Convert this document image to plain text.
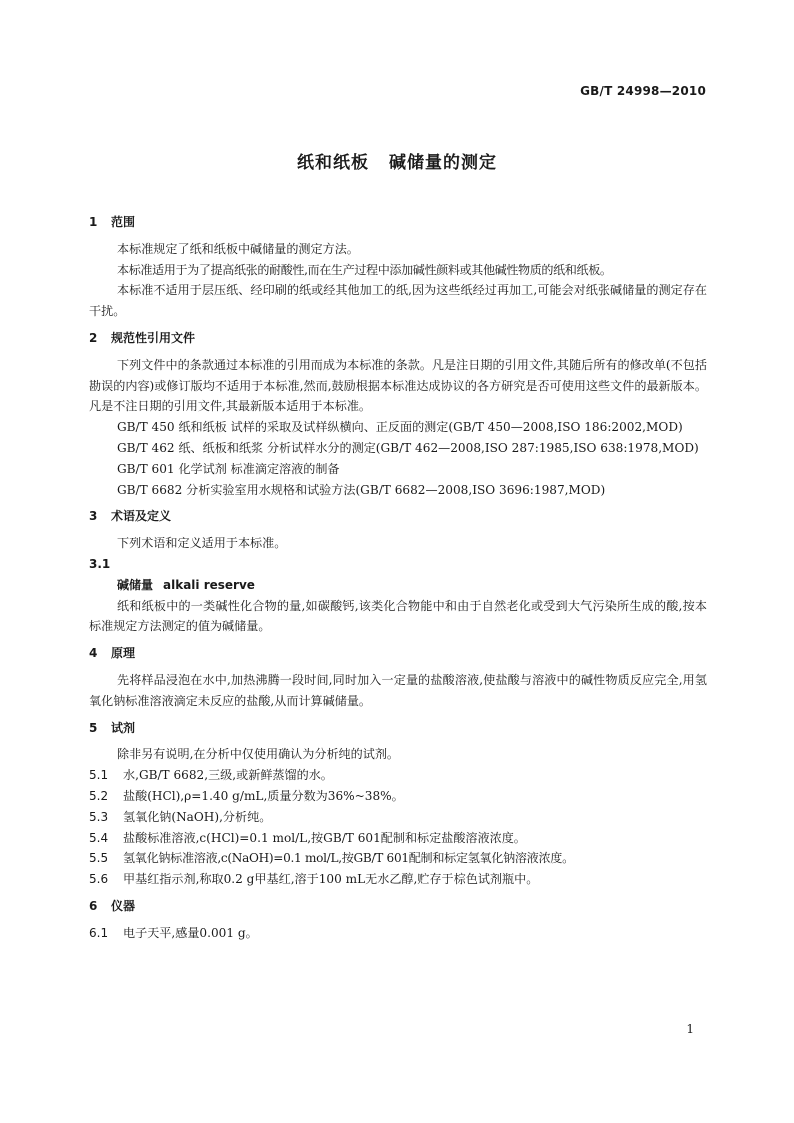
GB/T 24998—2010
纸和纸板 碱储量的测定
1 范围

本标准规定了纸和纸板中碱储量的测定方法。

本标准适用于为了提高纸张的耐酸性,而在生产过程中添加碱性颜料或其他碱性物质的纸和纸板。

本标准不适用于层压纸、经印刷的纸或经其他加工的纸,因为这些纸经过再加工,可能会对纸张碱储量的测定存在干扰。

2 规范性引用文件

下列文件中的条款通过本标准的引用而成为本标准的条款。凡是注日期的引用文件,其随后所有的修改单(不包括勘误的内容)或修订版均不适用于本标准,然而,鼓励根据本标准达成协议的各方研究是否可使用这些文件的最新版本。凡是不注日期的引用文件,其最新版本适用于本标准。

GB/T 450 纸和纸板 试样的采取及试样纵横向、正反面的测定(GB/T 450—2008,ISO 186:2002,MOD)

GB/T 462 纸、纸板和纸浆 分析试样水分的测定(GB/T 462—2008,ISO 287:1985,ISO 638:1978,MOD)

GB/T 601 化学试剂 标准滴定溶液的制备

GB/T 6682 分析实验室用水规格和试验方法(GB/T 6682—2008,ISO 3696:1987,MOD)

3 术语及定义

下列术语和定义适用于本标准。

3.1

碱储量 alkali reserve

纸和纸板中的一类碱性化合物的量,如碳酸钙,该类化合物能中和由于自然老化或受到大气污染所生成的酸,按本标准规定方法测定的值为碱储量。

4 原理

先将样品浸泡在水中,加热沸腾一段时间,同时加入一定量的盐酸溶液,使盐酸与溶液中的碱性物质反应完全,用氢氧化钠标准溶液滴定未反应的盐酸,从而计算碱储量。

5 试剂

除非另有说明,在分析中仅使用确认为分析纯的试剂。

5.1 水,GB/T 6682,三级,或新鲜蒸馏的水。

5.2 盐酸(HCl),ρ=1.40 g/mL,质量分数为36%~38%。

5.3 氢氧化钠(NaOH),分析纯。

5.4 盐酸标准溶液,c(HCl)=0.1 mol/L,按GB/T 601配制和标定盐酸溶液浓度。

5.5 氢氧化钠标准溶液,c(NaOH)=0.1 mol/L,按GB/T 601配制和标定氢氧化钠溶液浓度。

5.6 甲基红指示剂,称取0.2 g甲基红,溶于100 mL无水乙醇,贮存于棕色试剂瓶中。

6 仪器

6.1 电子天平,感量0.001 g。

1
